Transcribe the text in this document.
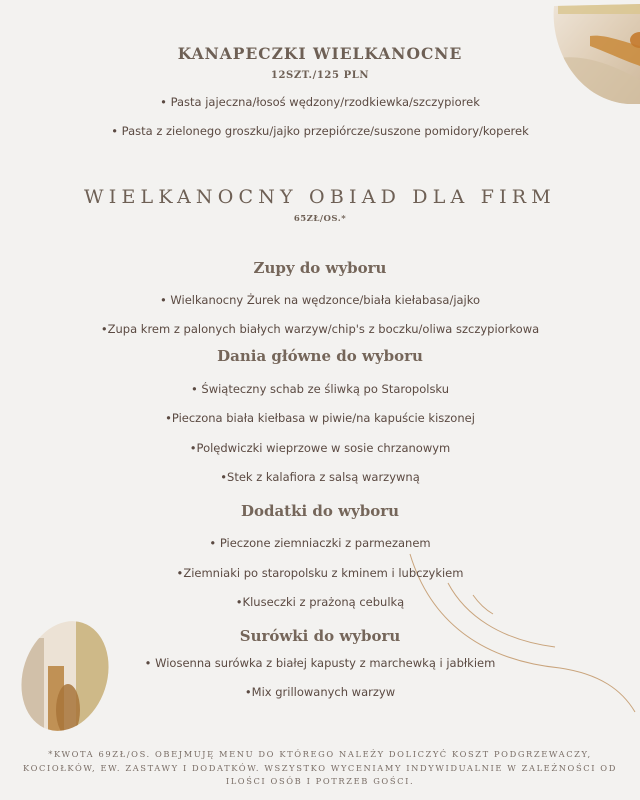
KANAPECZKI WIELKANOCNE
12SZT./125 PLN
• Pasta jajeczna/łosoś wędzony/rzodkiewka/szczypiorek
• Pasta z zielonego groszku/jajko przepiórcze/suszone pomidory/koperek
WIELKANOCNY OBIAD DLA FIRM
65ZŁ/OS.*
Zupy do wyboru
• Wielkanocny Żurek na wędzonce/biała kiełabasa/jajko
•Zupa krem z palonych białych warzyw/chip's z boczku/oliwa szczypiorkowa
Dania główne do wyboru
• Świąteczny schab ze śliwką po Staropolsku
•Pieczona biała kiełbasa w piwie/na kapuście kiszonej
•Polędwiczki wieprzowe w sosie chrzanowym
•Stek z kalafiora z salsą warzywną
Dodatki do wyboru
• Pieczone ziemniaczki z parmezanem
•Ziemniaki po staropolsku z kminem i lubczykiem
•Kluseczki z prażoną cebulką
Surówki do wyboru
• Wiosenna surówka z białej kapusty z marchewką i jabłkiem
•Mix grillowanych warzyw
*KWOTA 69ZŁ/OS. OBEJMUJĘ MENU DO KTÓREGO NALEŻY DOLICZYĆ KOSZT PODGRZEWACZY, KOCIOŁKÓW, EW. ZASTAWY I DODATKÓW. WSZYSTKO WYCENIAMY INDYWIDUALNIE W ZALEŻNOŚCI OD ILOŚCI OSÓB I POTRZEB GOŚCI.
